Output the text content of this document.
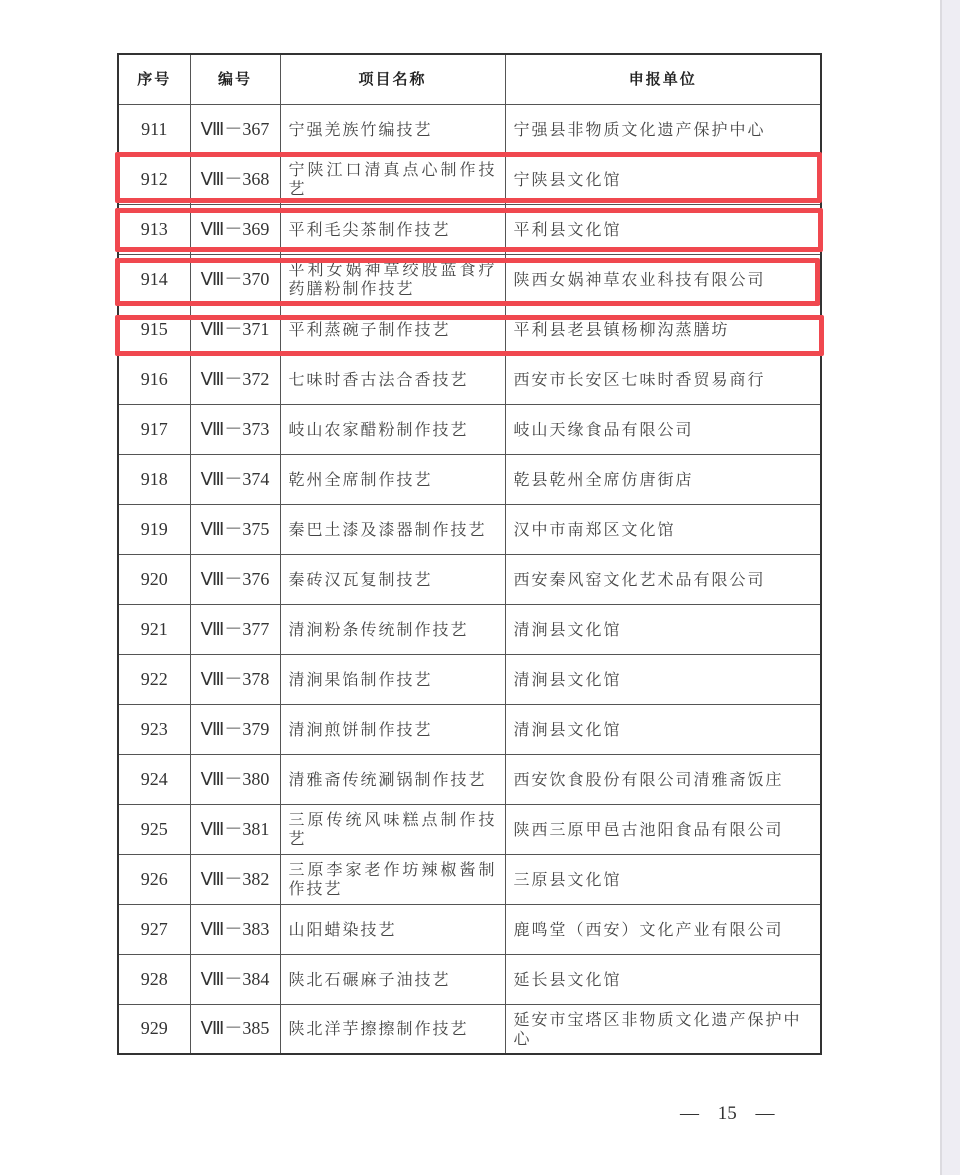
序号	编号	项目名称	申报单位
911	Ⅷ－367	宁强羌族竹编技艺	宁强县非物质文化遗产保护中心
912	Ⅷ－368	宁陕江口清真点心制作技艺	宁陕县文化馆
913	Ⅷ－369	平利毛尖茶制作技艺	平利县文化馆
914	Ⅷ－370	平利女娲神草绞股蓝食疗药膳粉制作技艺	陕西女娲神草农业科技有限公司
915	Ⅷ－371	平利蒸碗子制作技艺	平利县老县镇杨柳沟蒸膳坊
916	Ⅷ－372	七味时香古法合香技艺	西安市长安区七味时香贸易商行
917	Ⅷ－373	岐山农家醋粉制作技艺	岐山天缘食品有限公司
918	Ⅷ－374	乾州全席制作技艺	乾县乾州全席仿唐街店
919	Ⅷ－375	秦巴土漆及漆器制作技艺	汉中市南郑区文化馆
920	Ⅷ－376	秦砖汉瓦复制技艺	西安秦风窑文化艺术品有限公司
921	Ⅷ－377	清涧粉条传统制作技艺	清涧县文化馆
922	Ⅷ－378	清涧果馅制作技艺	清涧县文化馆
923	Ⅷ－379	清涧煎饼制作技艺	清涧县文化馆
924	Ⅷ－380	清雅斋传统涮锅制作技艺	西安饮食股份有限公司清雅斋饭庄
925	Ⅷ－381	三原传统风味糕点制作技艺	陕西三原甲邑古池阳食品有限公司
926	Ⅷ－382	三原李家老作坊辣椒酱制作技艺	三原县文化馆
927	Ⅷ－383	山阳蜡染技艺	鹿鸣堂（西安）文化产业有限公司
928	Ⅷ－384	陕北石碾麻子油技艺	延长县文化馆
929	Ⅷ－385	陕北洋芋擦擦制作技艺	延安市宝塔区非物质文化遗产保护中心
— 15 —
